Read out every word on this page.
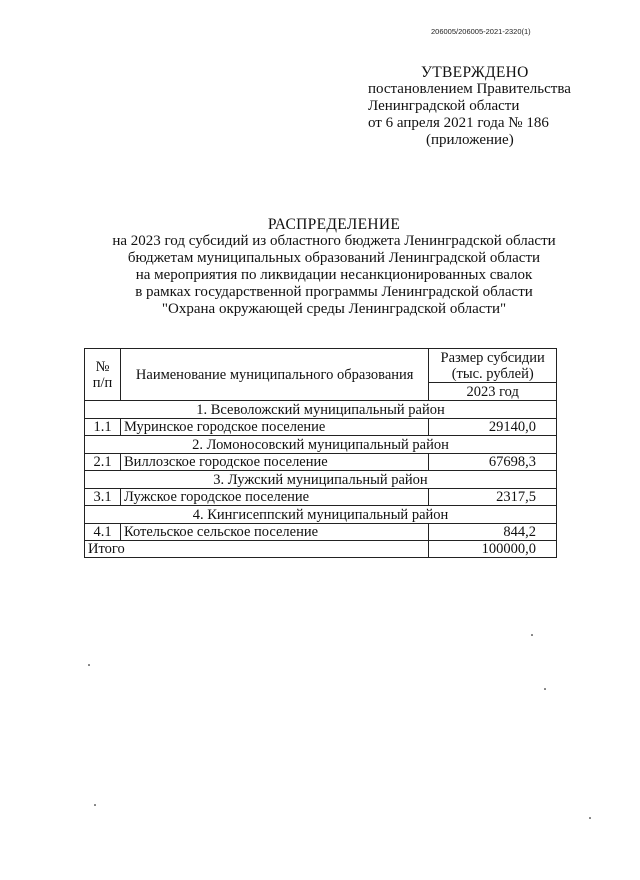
206005/206005-2021-2320(1)
УТВЕРЖДЕНО
постановлением Правительства
Ленинградской области
от 6 апреля 2021 года № 186
(приложение)
РАСПРЕДЕЛЕНИЕ
на 2023 год субсидий из областного бюджета Ленинградской области
бюджетам муниципальных образований Ленинградской области
на мероприятия по ликвидации несанкционированных свалок
в рамках государственной программы Ленинградской области
"Охрана окружающей среды Ленинградской области"
№ п/п	Наименование муниципального образования	Размер субсидии (тыс. рублей)
		2023 год
1. Всеволожский муниципальный район		
1.1	Муринское городское поселение	29140,0
2. Ломоносовский муниципальный район		
2.1	Виллозское городское поселение	67698,3
3. Лужский муниципальный район		
3.1	Лужское городское поселение	2317,5
4. Кингисеппский муниципальный район		
4.1	Котельское сельское поселение	844,2
Итого		100000,0
